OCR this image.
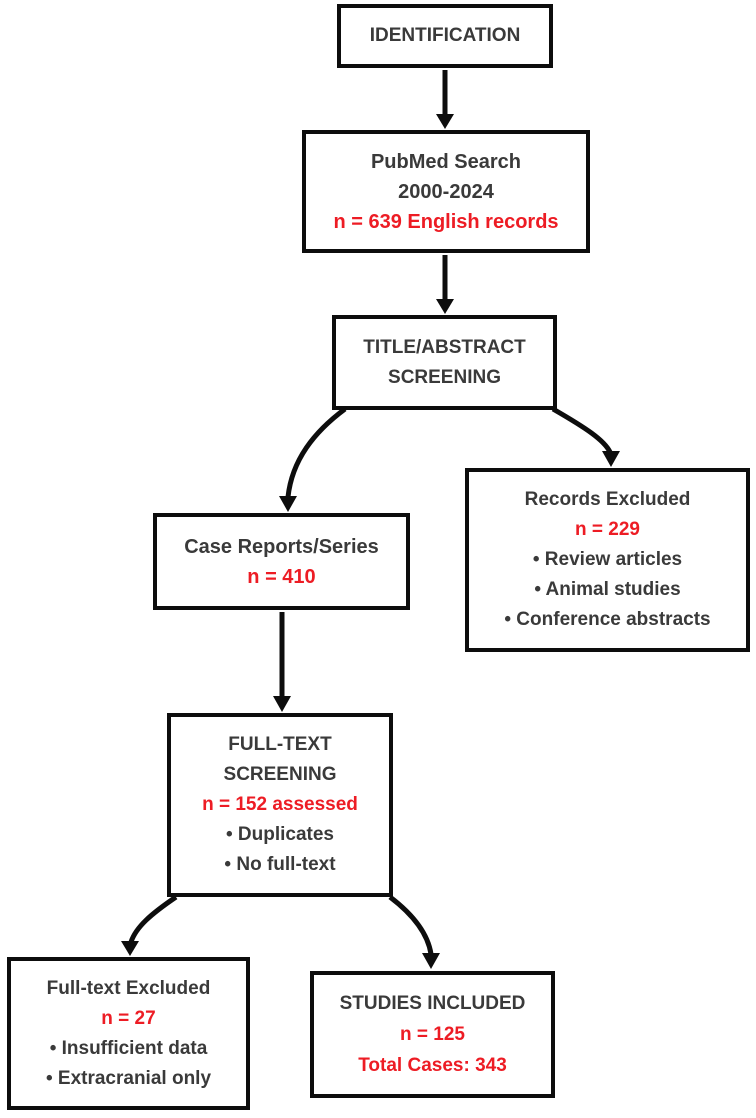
IDENTIFICATION
PubMed Search
2000-2024
n = 639 English records
TITLE/ABSTRACT
SCREENING
Case Reports/Series
n = 410
Records Excluded
n = 229
• Review articles
• Animal studies
• Conference abstracts
FULL-TEXT
SCREENING
n = 152 assessed
• Duplicates
• No full-text
Full-text Excluded
n = 27
• Insufficient data
• Extracranial only
STUDIES INCLUDED
n = 125
Total Cases: 343
